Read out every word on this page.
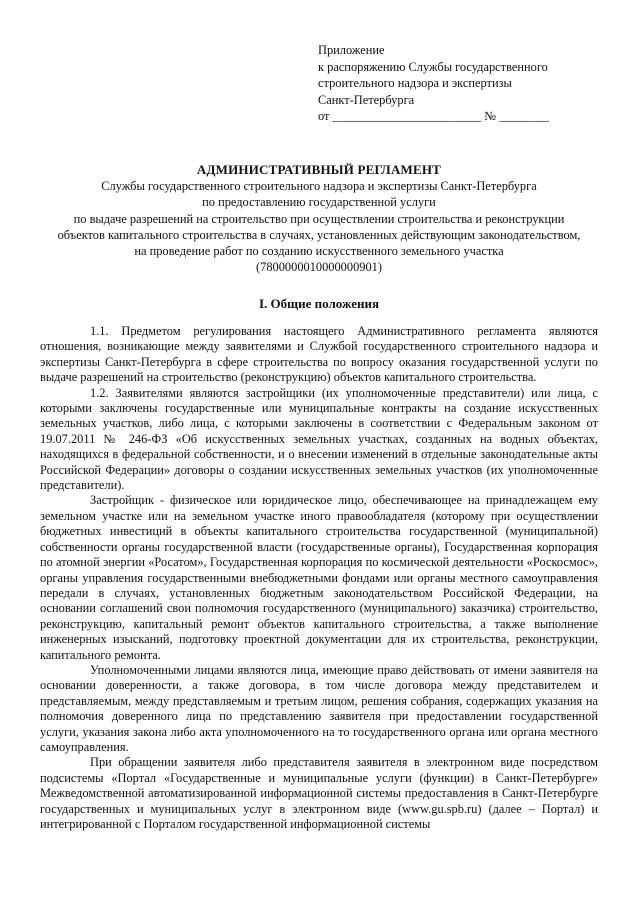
Приложение
к распоряжению Службы государственного
строительного надзора и экспертизы
Санкт-Петербурга
от ________________________ № ________
АДМИНИСТРАТИВНЫЙ РЕГЛАМЕНТ
Службы государственного строительного надзора и экспертизы Санкт-Петербурга
по предоставлению государственной услуги
по выдаче разрешений на строительство при осуществлении строительства и реконструкции
объектов капитального строительства в случаях, установленных действующим законодательством,
на проведение работ по созданию искусственного земельного участка
(7800000010000000901)
I. Общие положения

1.1. Предметом регулирования настоящего Административного регламента являются отношения, возникающие между заявителями и Службой государственного строительного надзора и экспертизы Санкт-Петербурга в сфере строительства по вопросу оказания государственной услуги по выдаче разрешений на строительство (реконструкцию) объектов капитального строительства.

1.2. Заявителями являются застройщики (их уполномоченные представители) или лица, с которыми заключены государственные или муниципальные контракты на создание искусственных земельных участков, либо лица, с которыми заключены в соответствии с Федеральным законом от 19.07.2011 № 246-ФЗ «Об искусственных земельных участках, созданных на водных объектах, находящихся в федеральной собственности, и о внесении изменений в отдельные законодательные акты Российской Федерации» договоры о создании искусственных земельных участков (их уполномоченные представители).

Застройщик - физическое или юридическое лицо, обеспечивающее на принадлежащем ему земельном участке или на земельном участке иного правообладателя (которому при осуществлении бюджетных инвестиций в объекты капитального строительства государственной (муниципальной) собственности органы государственной власти (государственные органы), Государственная корпорация по атомной энергии «Росатом», Государственная корпорация по космической деятельности «Роскосмос», органы управления государственными внебюджетными фондами или органы местного самоуправления передали в случаях, установленных бюджетным законодательством Российской Федерации, на основании соглашений свои полномочия государственного (муниципального) заказчика) строительство, реконструкцию, капитальный ремонт объектов капитального строительства, а также выполнение инженерных изысканий, подготовку проектной документации для их строительства, реконструкции, капитального ремонта.

Уполномоченными лицами являются лица, имеющие право действовать от имени заявителя на основании доверенности, а также договора, в том числе договора между представителем и представляемым, между представляемым и третьим лицом, решения собрания, содержащих указания на полномочия доверенного лица по представлению заявителя при предоставлении государственной услуги, указания закона либо акта уполномоченного на то государственного органа или органа местного самоуправления.

При обращении заявителя либо представителя заявителя в электронном виде посредством подсистемы «Портал «Государственные и муниципальные услуги (функции) в Санкт-Петербурге» Межведомственной автоматизированной информационной системы предоставления в Санкт-Петербурге государственных и муниципальных услуг в электронном виде (www.gu.spb.ru) (далее – Портал) и интегрированной с Порталом государственной информационной системы
